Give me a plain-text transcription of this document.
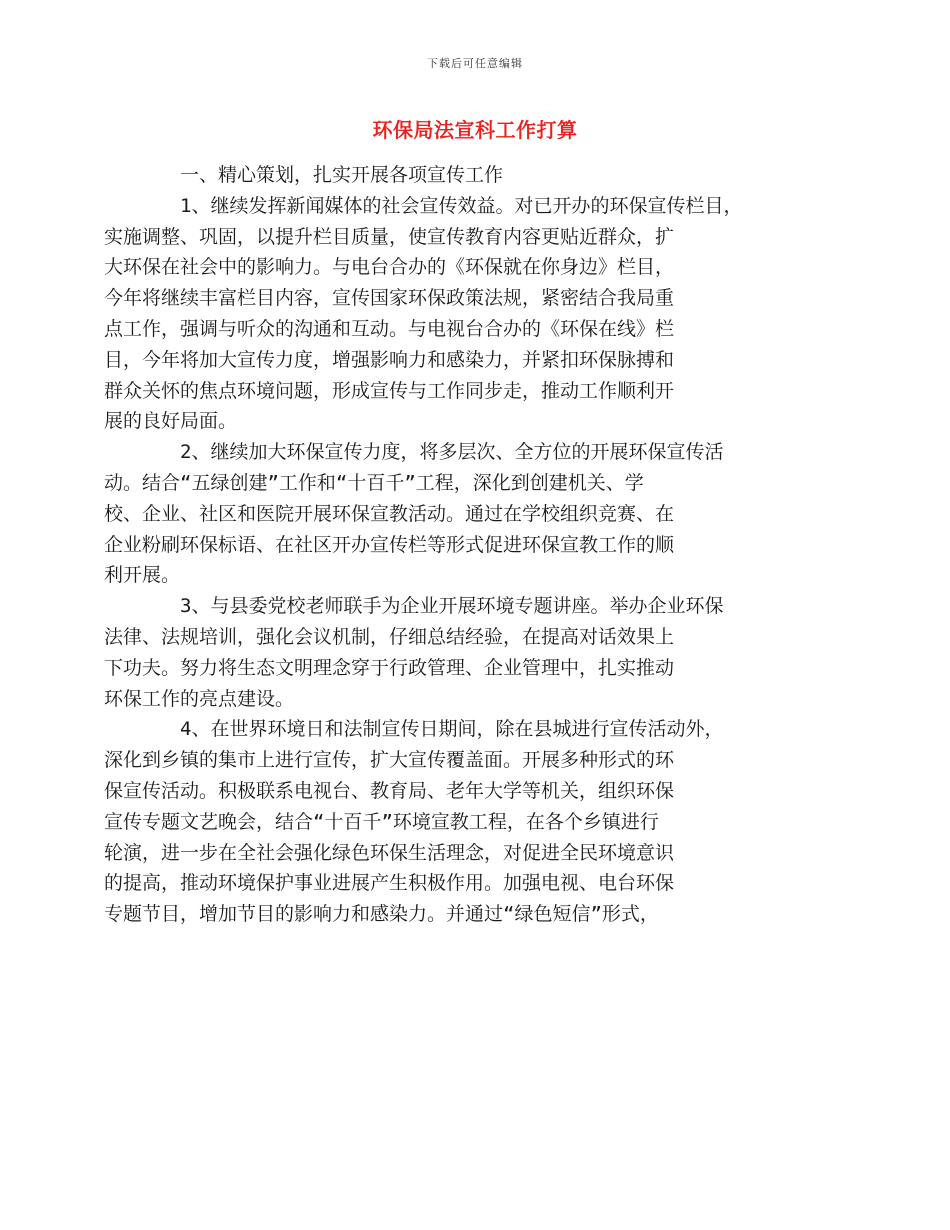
下载后可任意编辑
环保局法宣科工作打算
一、精心策划，扎实开展各项宣传工作
1、继续发挥新闻媒体的社会宣传效益。对已开办的环保宣传栏目，
实施调整、巩固，以提升栏目质量，使宣传教育内容更贴近群众，扩
大环保在社会中的影响力。与电台合办的《环保就在你身边》栏目，
今年将继续丰富栏目内容，宣传国家环保政策法规，紧密结合我局重
点工作，强调与听众的沟通和互动。与电视台合办的《环保在线》栏
目，今年将加大宣传力度，增强影响力和感染力，并紧扣环保脉搏和
群众关怀的焦点环境问题，形成宣传与工作同步走，推动工作顺利开
展的良好局面。
2、继续加大环保宣传力度，将多层次、全方位的开展环保宣传活
动。结合“五绿创建”工作和“十百千”工程，深化到创建机关、学
校、企业、社区和医院开展环保宣教活动。通过在学校组织竞赛、在
企业粉刷环保标语、在社区开办宣传栏等形式促进环保宣教工作的顺
利开展。
3、与县委党校老师联手为企业开展环境专题讲座。举办企业环保
法律、法规培训，强化会议机制，仔细总结经验，在提高对话效果上
下功夫。努力将生态文明理念穿于行政管理、企业管理中，扎实推动
环保工作的亮点建设。
4、在世界环境日和法制宣传日期间，除在县城进行宣传活动外，
深化到乡镇的集市上进行宣传，扩大宣传覆盖面。开展多种形式的环
保宣传活动。积极联系电视台、教育局、老年大学等机关，组织环保
宣传专题文艺晚会，结合“十百千”环境宣教工程，在各个乡镇进行
轮演，进一步在全社会强化绿色环保生活理念，对促进全民环境意识
的提高，推动环境保护事业进展产生积极作用。加强电视、电台环保
专题节目，增加节目的影响力和感染力。并通过“绿色短信”形式，
